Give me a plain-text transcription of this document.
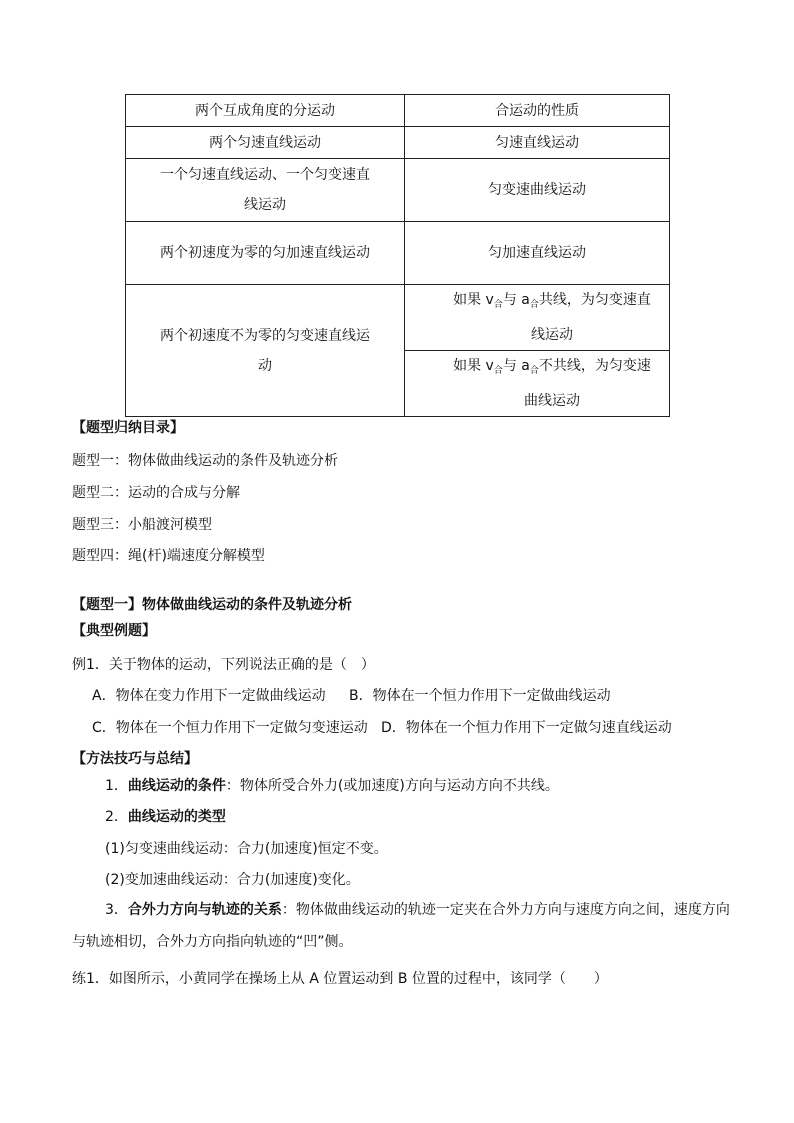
两个互成角度的分运动	合运动的性质
两个匀速直线运动	匀速直线运动
一个匀速直线运动、一个匀变速直线运动	匀变速曲线运动
两个初速度为零的匀加速直线运动	匀加速直线运动
两个初速度不为零的匀变速直线运动	如果 $v_合$与 $a_合$共线，为匀变速直线运动
	如果 $v_合$与 $a_合$不共线，为匀变速曲线运动
【题型归纳目录】
题型一：物体做曲线运动的条件及轨迹分析
题型二：运动的合成与分解
题型三：小船渡河模型
题型四：绳(杆)端速度分解模型
【题型一】物体做曲线运动的条件及轨迹分析
【典型例题】
例1．关于物体的运动，下列说法正确的是（　）
A．物体在变力作用下一定做曲线运动 B．物体在一个恒力作用下一定做曲线运动
C．物体在一个恒力作用下一定做匀变速运动 D．物体在一个恒力作用下一定做匀速直线运动
【方法技巧与总结】
1．曲线运动的条件：物体所受合外力(或加速度)方向与运动方向不共线。
2．曲线运动的类型
(1)匀变速曲线运动：合力(加速度)恒定不变。
(2)变加速曲线运动：合力(加速度)变化。
3．合外力方向与轨迹的关系：物体做曲线运动的轨迹一定夹在合外力方向与速度方向之间，速度方向与轨迹相切，合外力方向指向轨迹的“凹”侧。
练1．如图所示，小黄同学在操场上从 A 位置运动到 B 位置的过程中，该同学（　　）
